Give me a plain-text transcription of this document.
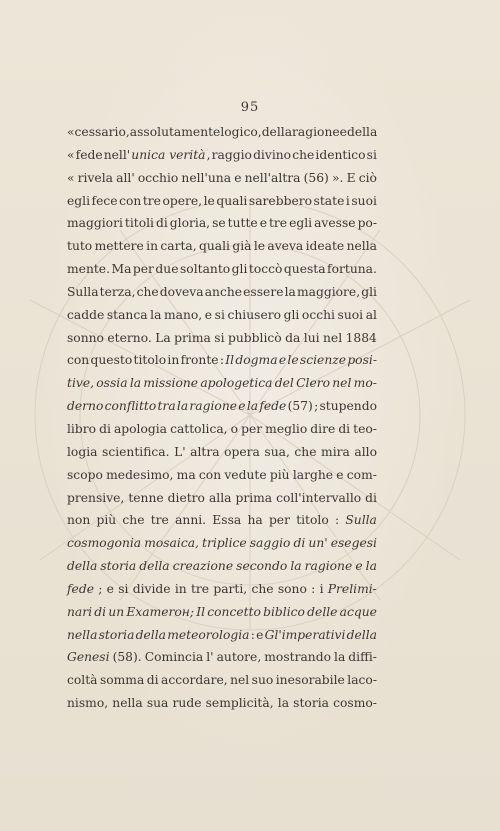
95
« cessario, assolutamente logico, della ragione e della
« fede nell' unica verità , raggio divino che identico si
« rivela all' occhio nell'una e nell'altra (56) ». E ciò
egli fece con tre opere, le quali sarebbero state i suoi
maggiori titoli di gloria, se tutte e tre egli avesse po-
tuto mettere in carta, quali già le aveva ideate nella
mente. Ma per due soltanto gli toccò questa fortuna.
Sulla terza, che doveva anche essere la maggiore, gli
cadde stanca la mano, e si chiusero gli occhi suoi al
sonno eterno. La prima si pubblicò da lui nel 1884
con questo titolo in fronte : Il dogma e le scienze posi-
tive, ossia la missione apologetica del Clero nel mo-
derno conflitto tra la ragione e la fede (57) ; stupendo
libro di apologia cattolica, o per meglio dire di teo-
logia scientifica. L' altra opera sua, che mira allo
scopo medesimo, ma con vedute più larghe e com-
prensive, tenne dietro alla prima coll'intervallo di
non più che tre anni. Essa ha per titolo : Sulla
cosmogonia mosaica, triplice saggio di un' esegesi
della storia della creazione secondo la ragione e la
fede ; e si divide in tre parti, che sono : i Prelimi-
nari di un Examerон; Il concetto biblico delle acque
nella storia della meteorologia : e Gl'imperativi della
Genesi (58). Comincia l' autore, mostrando la diffi-
coltà somma di accordare, nel suo inesorabile laco-
nismo, nella sua rude semplicità, la storia cosmo-
